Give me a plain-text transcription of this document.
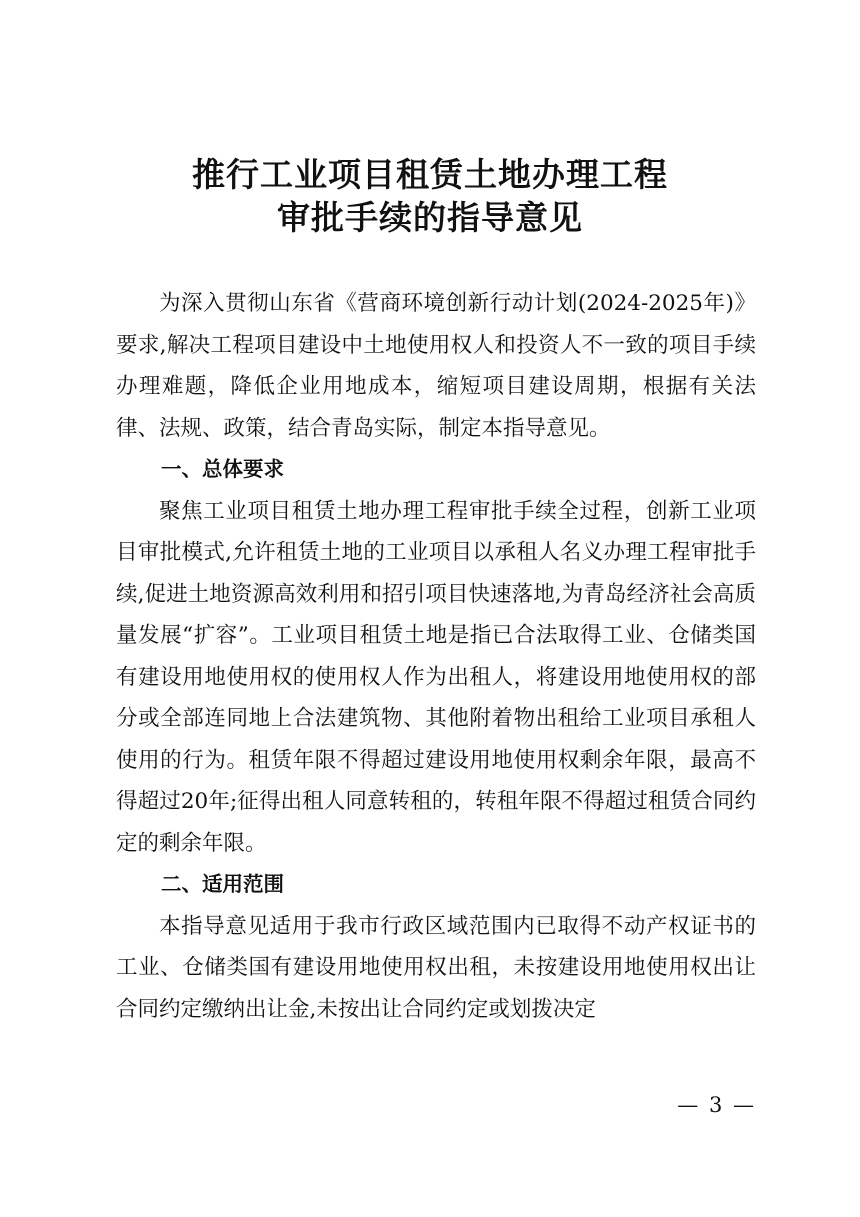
推行工业项目租赁土地办理工程
审批手续的指导意见

为深入贯彻山东省《营商环境创新行动计划(2024-2025年)》要求,解决工程项目建设中土地使用权人和投资人不一致的项目手续办理难题，降低企业用地成本，缩短项目建设周期，根据有关法律、法规、政策，结合青岛实际，制定本指导意见。

一、总体要求

聚焦工业项目租赁土地办理工程审批手续全过程，创新工业项目审批模式,允许租赁土地的工业项目以承租人名义办理工程审批手续,促进土地资源高效利用和招引项目快速落地,为青岛经济社会高质量发展“扩容”。工业项目租赁土地是指已合法取得工业、仓储类国有建设用地使用权的使用权人作为出租人，将建设用地使用权的部分或全部连同地上合法建筑物、其他附着物出租给工业项目承租人使用的行为。租赁年限不得超过建设用地使用权剩余年限，最高不得超过20年;征得出租人同意转租的，转租年限不得超过租赁合同约定的剩余年限。

二、适用范围

本指导意见适用于我市行政区域范围内已取得不动产权证书的工业、仓储类国有建设用地使用权出租，未按建设用地使用权出让合同约定缴纳出让金,未按出让合同约定或划拨决定

— 3 —
